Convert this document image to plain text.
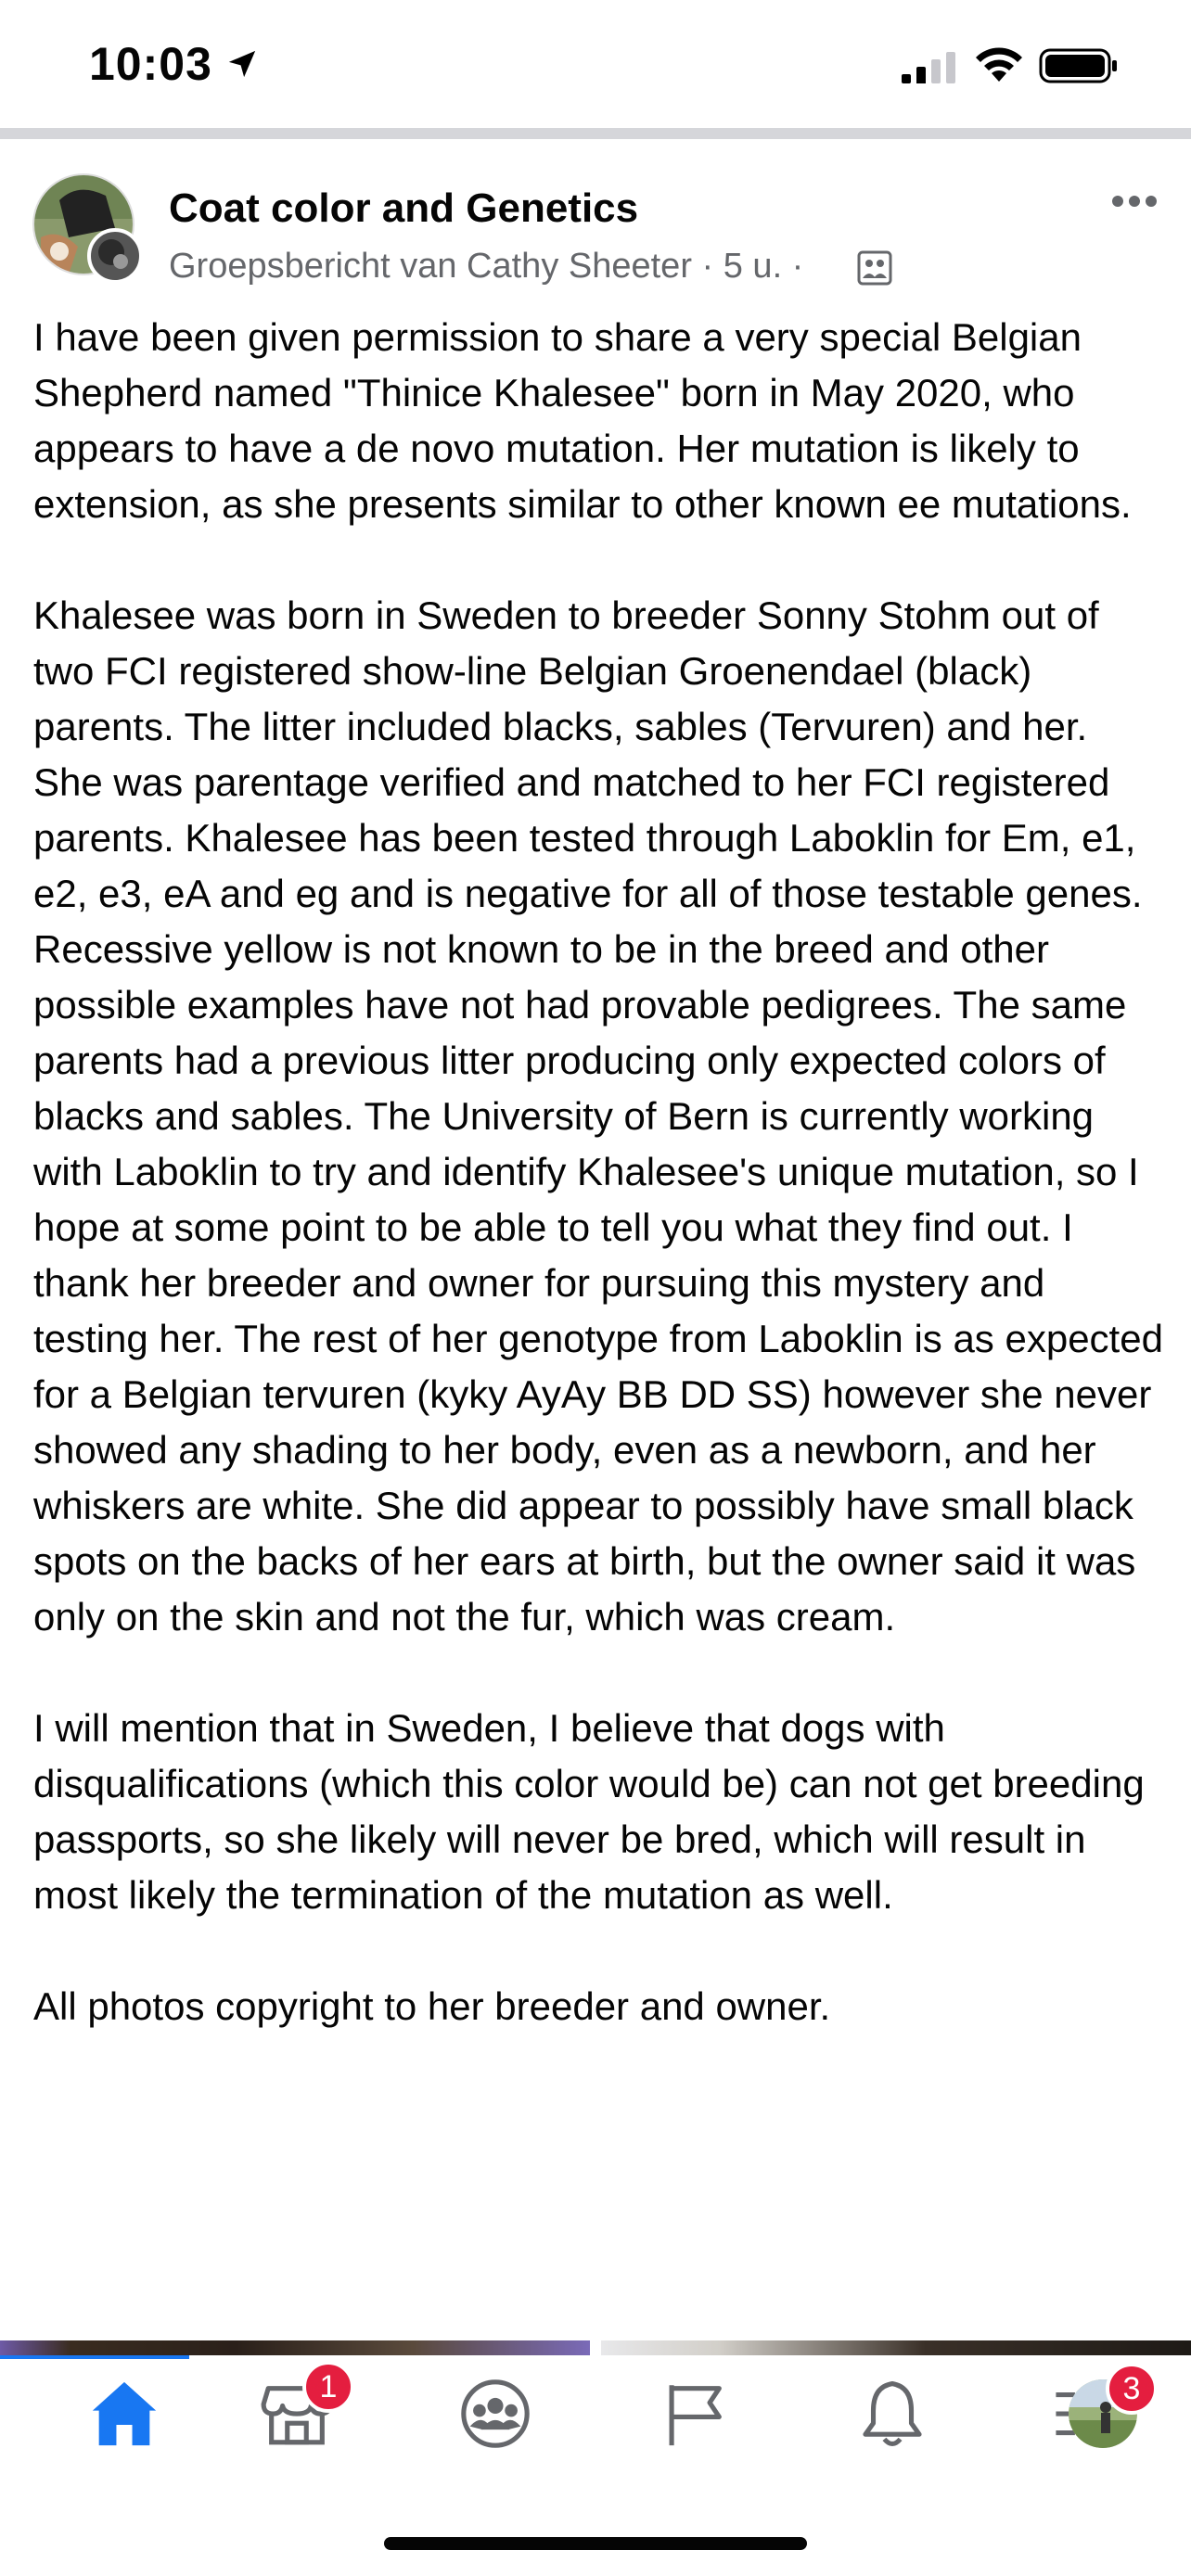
10:03
Coat color and Genetics
Groepsbericht van Cathy Sheeter · 5 u. ·

I have been given permission to share a very special Belgian Shepherd named "Thinice Khalesee" born in May 2020, who appears to have a de novo mutation. Her mutation is likely to extension, as she presents similar to other known ee mutations.

Khalesee was born in Sweden to breeder Sonny Stohm out of two FCI registered show-line Belgian Groenendael (black) parents. The litter included blacks, sables (Tervuren) and her. She was parentage verified and matched to her FCI registered parents. Khalesee has been tested through Laboklin for Em, e1, e2, e3, eA and eg and is negative for all of those testable genes. Recessive yellow is not known to be in the breed and other possible examples have not had provable pedigrees. The same parents had a previous litter producing only expected colors of blacks and sables. The University of Bern is currently working with Laboklin to try and identify Khalesee's unique mutation, so I hope at some point to be able to tell you what they find out. I thank her breeder and owner for pursuing this mystery and testing her. The rest of her genotype from Laboklin is as expected for a Belgian tervuren (kyky AyAy BB DD SS) however she never showed any shading to her body, even as a newborn, and her whiskers are white. She did appear to possibly have small black spots on the backs of her ears at birth, but the owner said it was only on the skin and not the fur, which was cream.

I will mention that in Sweden, I believe that dogs with disqualifications (which this color would be) can not get breeding passports, so she likely will never be bred, which will result in most likely the termination of the mutation as well.

All photos copyright to her breeder and owner.

1	3
